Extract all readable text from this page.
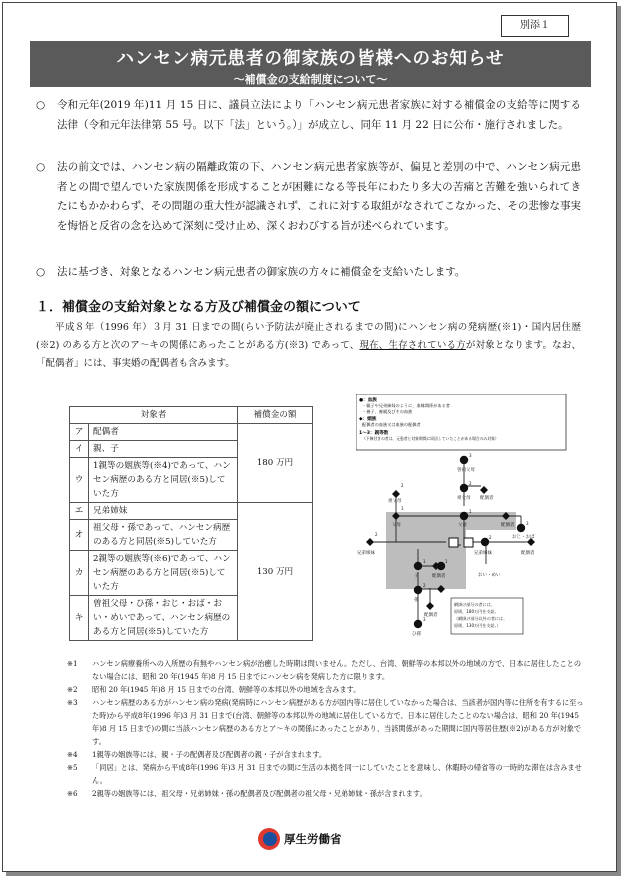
別添１
ハンセン病元患者の御家族の皆様へのお知らせ
～補償金の支給制度について～
○	令和元年(2019 年)11 月 15 日に、議員立法により「ハンセン病元患者家族に対する補償金の支給等に関する法律（令和元年法律第 55 号。以下「法」という。）」が成立し、同年 11 月 22 日に公布・施行されました。
○	法の前文では、ハンセン病の隔離政策の下、ハンセン病元患者家族等が、偏見と差別の中で、ハンセン病元患者との間で望んでいた家族関係を形成することが困難になる等長年にわたり多大の苦痛と苦難を強いられてきたにもかかわらず、その問題の重大性が認識されず、これに対する取組がなされてこなかった、その悲惨な事実を悔悟と反省の念を込めて深刻に受け止め、深くおわびする旨が述べられています。
○	法に基づき、対象となるハンセン病元患者の御家族の方々に補償金を支給いたします。
１．補償金の支給対象となる方及び補償金の額について
平成８年（1996 年）３月 31 日までの間(らい予防法が廃止されるまでの間)にハンセン病の発病歴(※1)・国内居住歴(※2) のある方と次のア～キの関係にあったことがある方(※3) であって、現在、生存されている方が対象となります。なお、「配偶者」には、事実婚の配偶者も含みます。
対象者		補償金の額
ア	配偶者	180 万円
イ	親、子	
ウ	1親等の姻族等(※4)であって、ハンセン病歴のある方と同居(※5)していた方	
エ	兄弟姉妹	130 万円
オ	祖父母・孫であって、ハンセン病歴のある方と同居(※5)していた方	
カ	2親等の姻族等(※6)であって、ハンセン病歴のある方と同居(※5)していた方	
キ	曽祖父母・ひ孫・おじ・おば・おい・めいであって、ハンセン病歴のある方と同居(※5)していた方	
●：血族
・親子や兄弟姉妹のように、血縁関係がある者
・養子、養親及びその血族
◆：姻族
配偶者の血族又は血族の配偶者
1～3：親等数
（下線付きの者は、元患者と対象期間に同居していたことがある場合のみ対象）
3
2
1
2
1
2
2
3
1	1
2
3
曽祖父母
祖父母 配偶者
祖父母
父母	父母	配偶者
おじ・おば
兄弟姉妹	兄弟姉妹	配偶者
子	配偶者	おい・めい
孫
配偶者
ひ孫
網掛け部分の者には、
原則、180万円を支給。
（網掛け部分以外の者には、
原則、130万円を支給。）
※1 ハンセン病療養所への入所歴の有無やハンセン病が治癒した時期は問いません。ただし、台湾、朝鮮等の本邦以外の地域の方で、日本に居住したことのない場合には、昭和 20 年(1945 年)8 月 15 日までにハンセン病を発病した方に限ります。
※2 昭和 20 年(1945 年)8 月 15 日までの台湾、朝鮮等の本邦以外の地域を含みます。
※3 ハンセン病歴のある方がハンセン病の発病(発病時にハンセン病歴がある方が国内等に居住していなかった場合は、当該者が国内等に住所を有するに至った時)から平成8年(1996 年)3 月 31 日まで(台湾、朝鮮等の本邦以外の地域に居住している方で、日本に居住したことのない場合は、昭和 20 年(1945 年)8 月 15 日まで)の間に当該ハンセン病歴のある方とア～キの関係にあったことがあり、当該関係があった期間に国内等居住歴(※2)がある方が対象です。
※4 1親等の姻族等には、親・子の配偶者及び配偶者の親・子が含まれます。
※5 「同居」とは、発病から平成8年(1996 年)3 月 31 日までの間に生活の本拠を同一にしていたことを意味し、休暇時の帰省等の一時的な滞在は含みません。
※6 2親等の姻族等には、祖父母・兄弟姉妹・孫の配偶者及び配偶者の祖父母・兄弟姉妹・孫が含まれます。
厚生労働省
